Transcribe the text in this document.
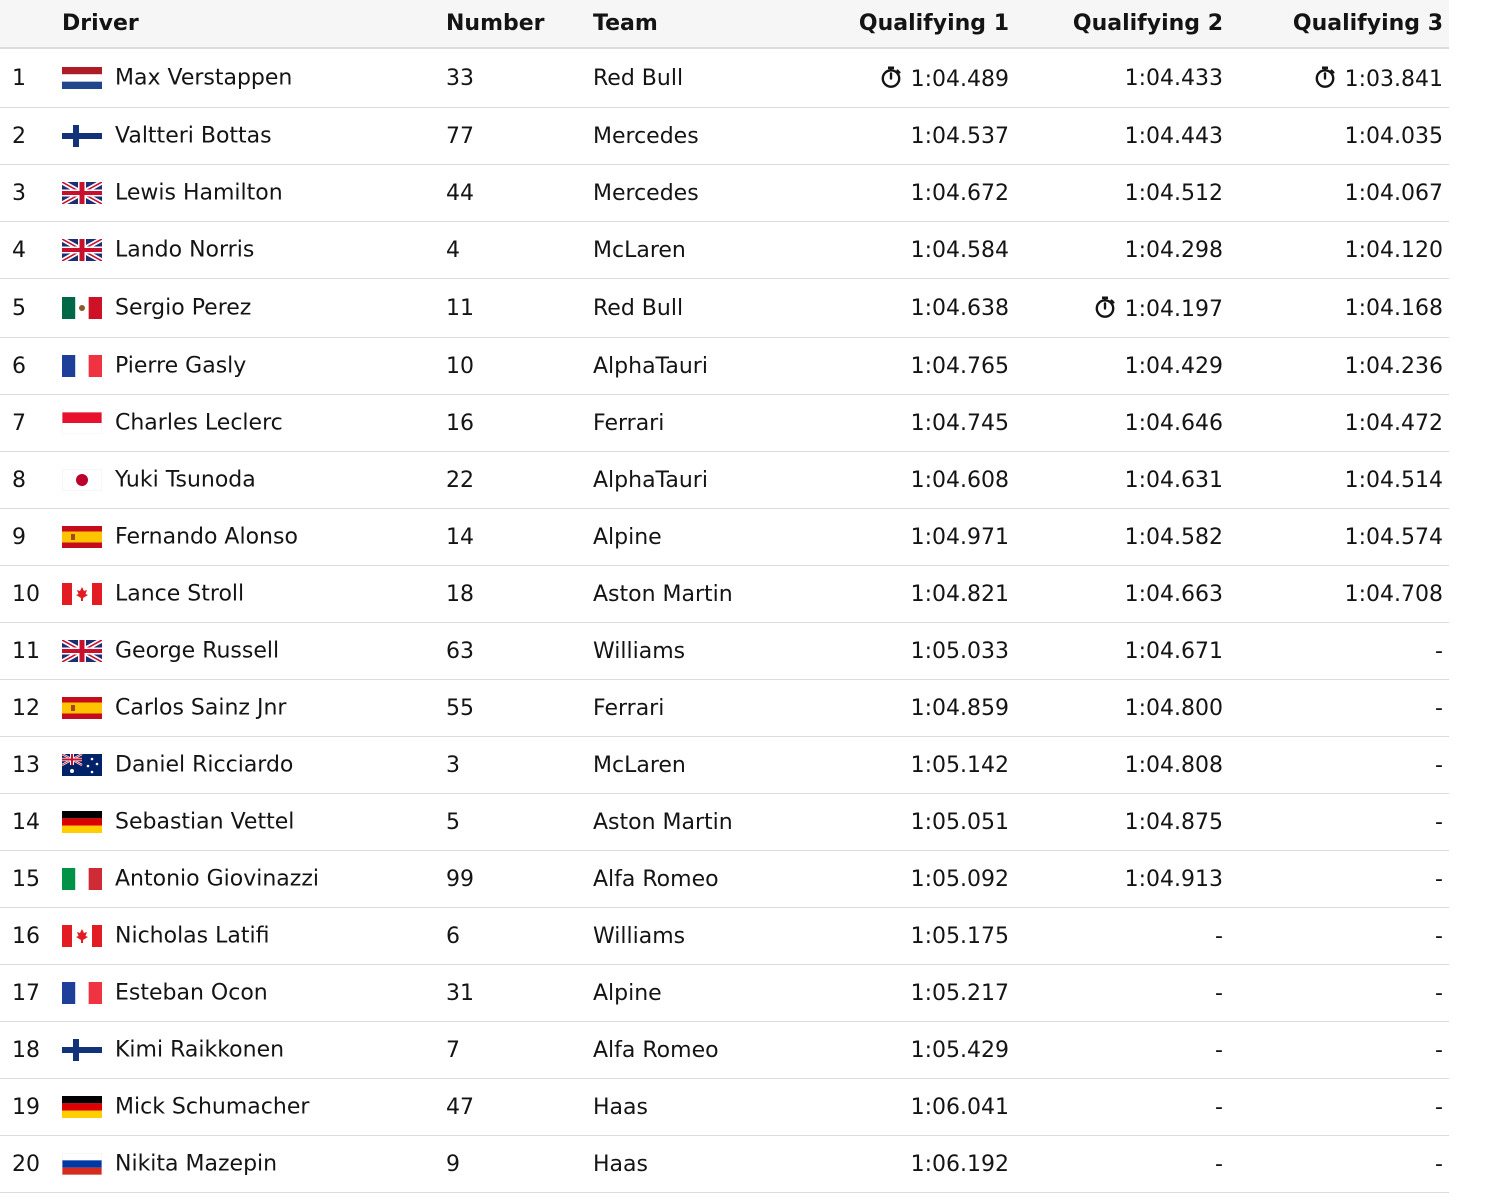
	Driver	Number	Team	Qualifying 1	Qualifying 2	Qualifying 3
1	Max Verstappen	33	Red Bull	1:04.489	1:04.433	1:03.841
2	Valtteri Bottas	77	Mercedes	1:04.537	1:04.443	1:04.035
3	Lewis Hamilton	44	Mercedes	1:04.672	1:04.512	1:04.067
4	Lando Norris	4	McLaren	1:04.584	1:04.298	1:04.120
5	Sergio Perez	11	Red Bull	1:04.638	1:04.197	1:04.168
6	Pierre Gasly	10	AlphaTauri	1:04.765	1:04.429	1:04.236
7	Charles Leclerc	16	Ferrari	1:04.745	1:04.646	1:04.472
8	Yuki Tsunoda	22	AlphaTauri	1:04.608	1:04.631	1:04.514
9	Fernando Alonso	14	Alpine	1:04.971	1:04.582	1:04.574
10	Lance Stroll	18	Aston Martin	1:04.821	1:04.663	1:04.708
11	George Russell	63	Williams	1:05.033	1:04.671	-
12	Carlos Sainz Jnr	55	Ferrari	1:04.859	1:04.800	-
13	Daniel Ricciardo	3	McLaren	1:05.142	1:04.808	-
14	Sebastian Vettel	5	Aston Martin	1:05.051	1:04.875	-
15	Antonio Giovinazzi	99	Alfa Romeo	1:05.092	1:04.913	-
16	Nicholas Latifi	6	Williams	1:05.175	-	-
17	Esteban Ocon	31	Alpine	1:05.217	-	-
18	Kimi Raikkonen	7	Alfa Romeo	1:05.429	-	-
19	Mick Schumacher	47	Haas	1:06.041	-	-
20	Nikita Mazepin	9	Haas	1:06.192	-	-
